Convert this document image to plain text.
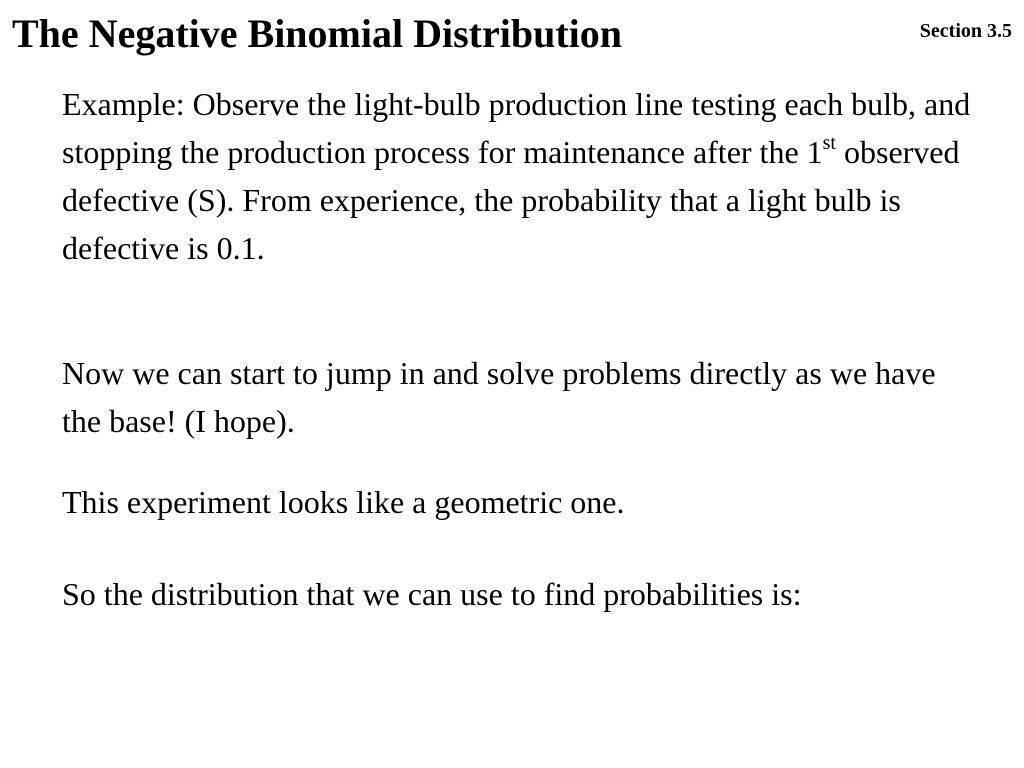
The Negative Binomial Distribution	Section 3.5

Example: Observe the light-bulb production line testing each bulb, and stopping the production process for maintenance after the 1st observed defective (S). From experience, the probability that a light bulb is defective is 0.1.

Now we can start to jump in and solve problems directly as we have the base! (I hope).

This experiment looks like a geometric one.

So the distribution that we can use to find probabilities is:
